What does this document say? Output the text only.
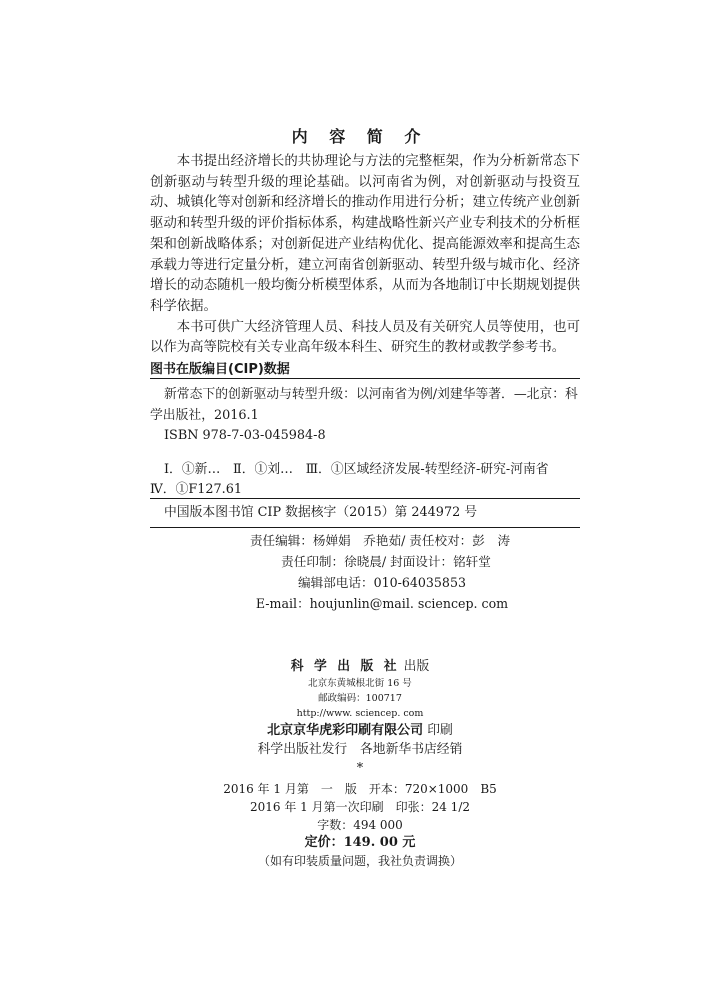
内 容 简 介

本书提出经济增长的共协理论与方法的完整框架，作为分析新常态下创新驱动与转型升级的理论基础。以河南省为例，对创新驱动与投资互动、城镇化等对创新和经济增长的推动作用进行分析；建立传统产业创新驱动和转型升级的评价指标体系，构建战略性新兴产业专利技术的分析框架和创新战略体系；对创新促进产业结构优化、提高能源效率和提高生态承载力等进行定量分析，建立河南省创新驱动、转型升级与城市化、经济增长的动态随机一般均衡分析模型体系，从而为各地制订中长期规划提供科学依据。

本书可供广大经济管理人员、科技人员及有关研究人员等使用，也可以作为高等院校有关专业高年级本科生、研究生的教材或教学参考书。

图书在版编目(CIP)数据
新常态下的创新驱动与转型升级：以河南省为例/刘建华等著．—北京：科
学出版社，2016.1
ISBN 978-7-03-045984-8
Ⅰ．①新…　Ⅱ．①刘…　Ⅲ．①区域经济发展-转型经济-研究-河南省
Ⅳ．①F127.61
中国版本图书馆 CIP 数据核字（2015）第 244972 号
责任编辑：杨婵娟　乔艳茹/ 责任校对：彭　涛
责任印制：徐晓晨/ 封面设计：铭轩堂
编辑部电话：010-64035853
E-mail：houjunlin@mail. sciencep. com
科 学 出 版 社 出版
北京东黄城根北街 16 号
邮政编码：100717
http://www. sciencep. com
北京京华虎彩印刷有限公司 印刷
科学出版社发行　各地新华书店经销
*
2016 年 1 月第　一　版　开本：720×1000　B5
2016 年 1 月第一次印刷　印张：24 1/2
字数：494 000
定价：149. 00 元
（如有印装质量问题，我社负责调换）
